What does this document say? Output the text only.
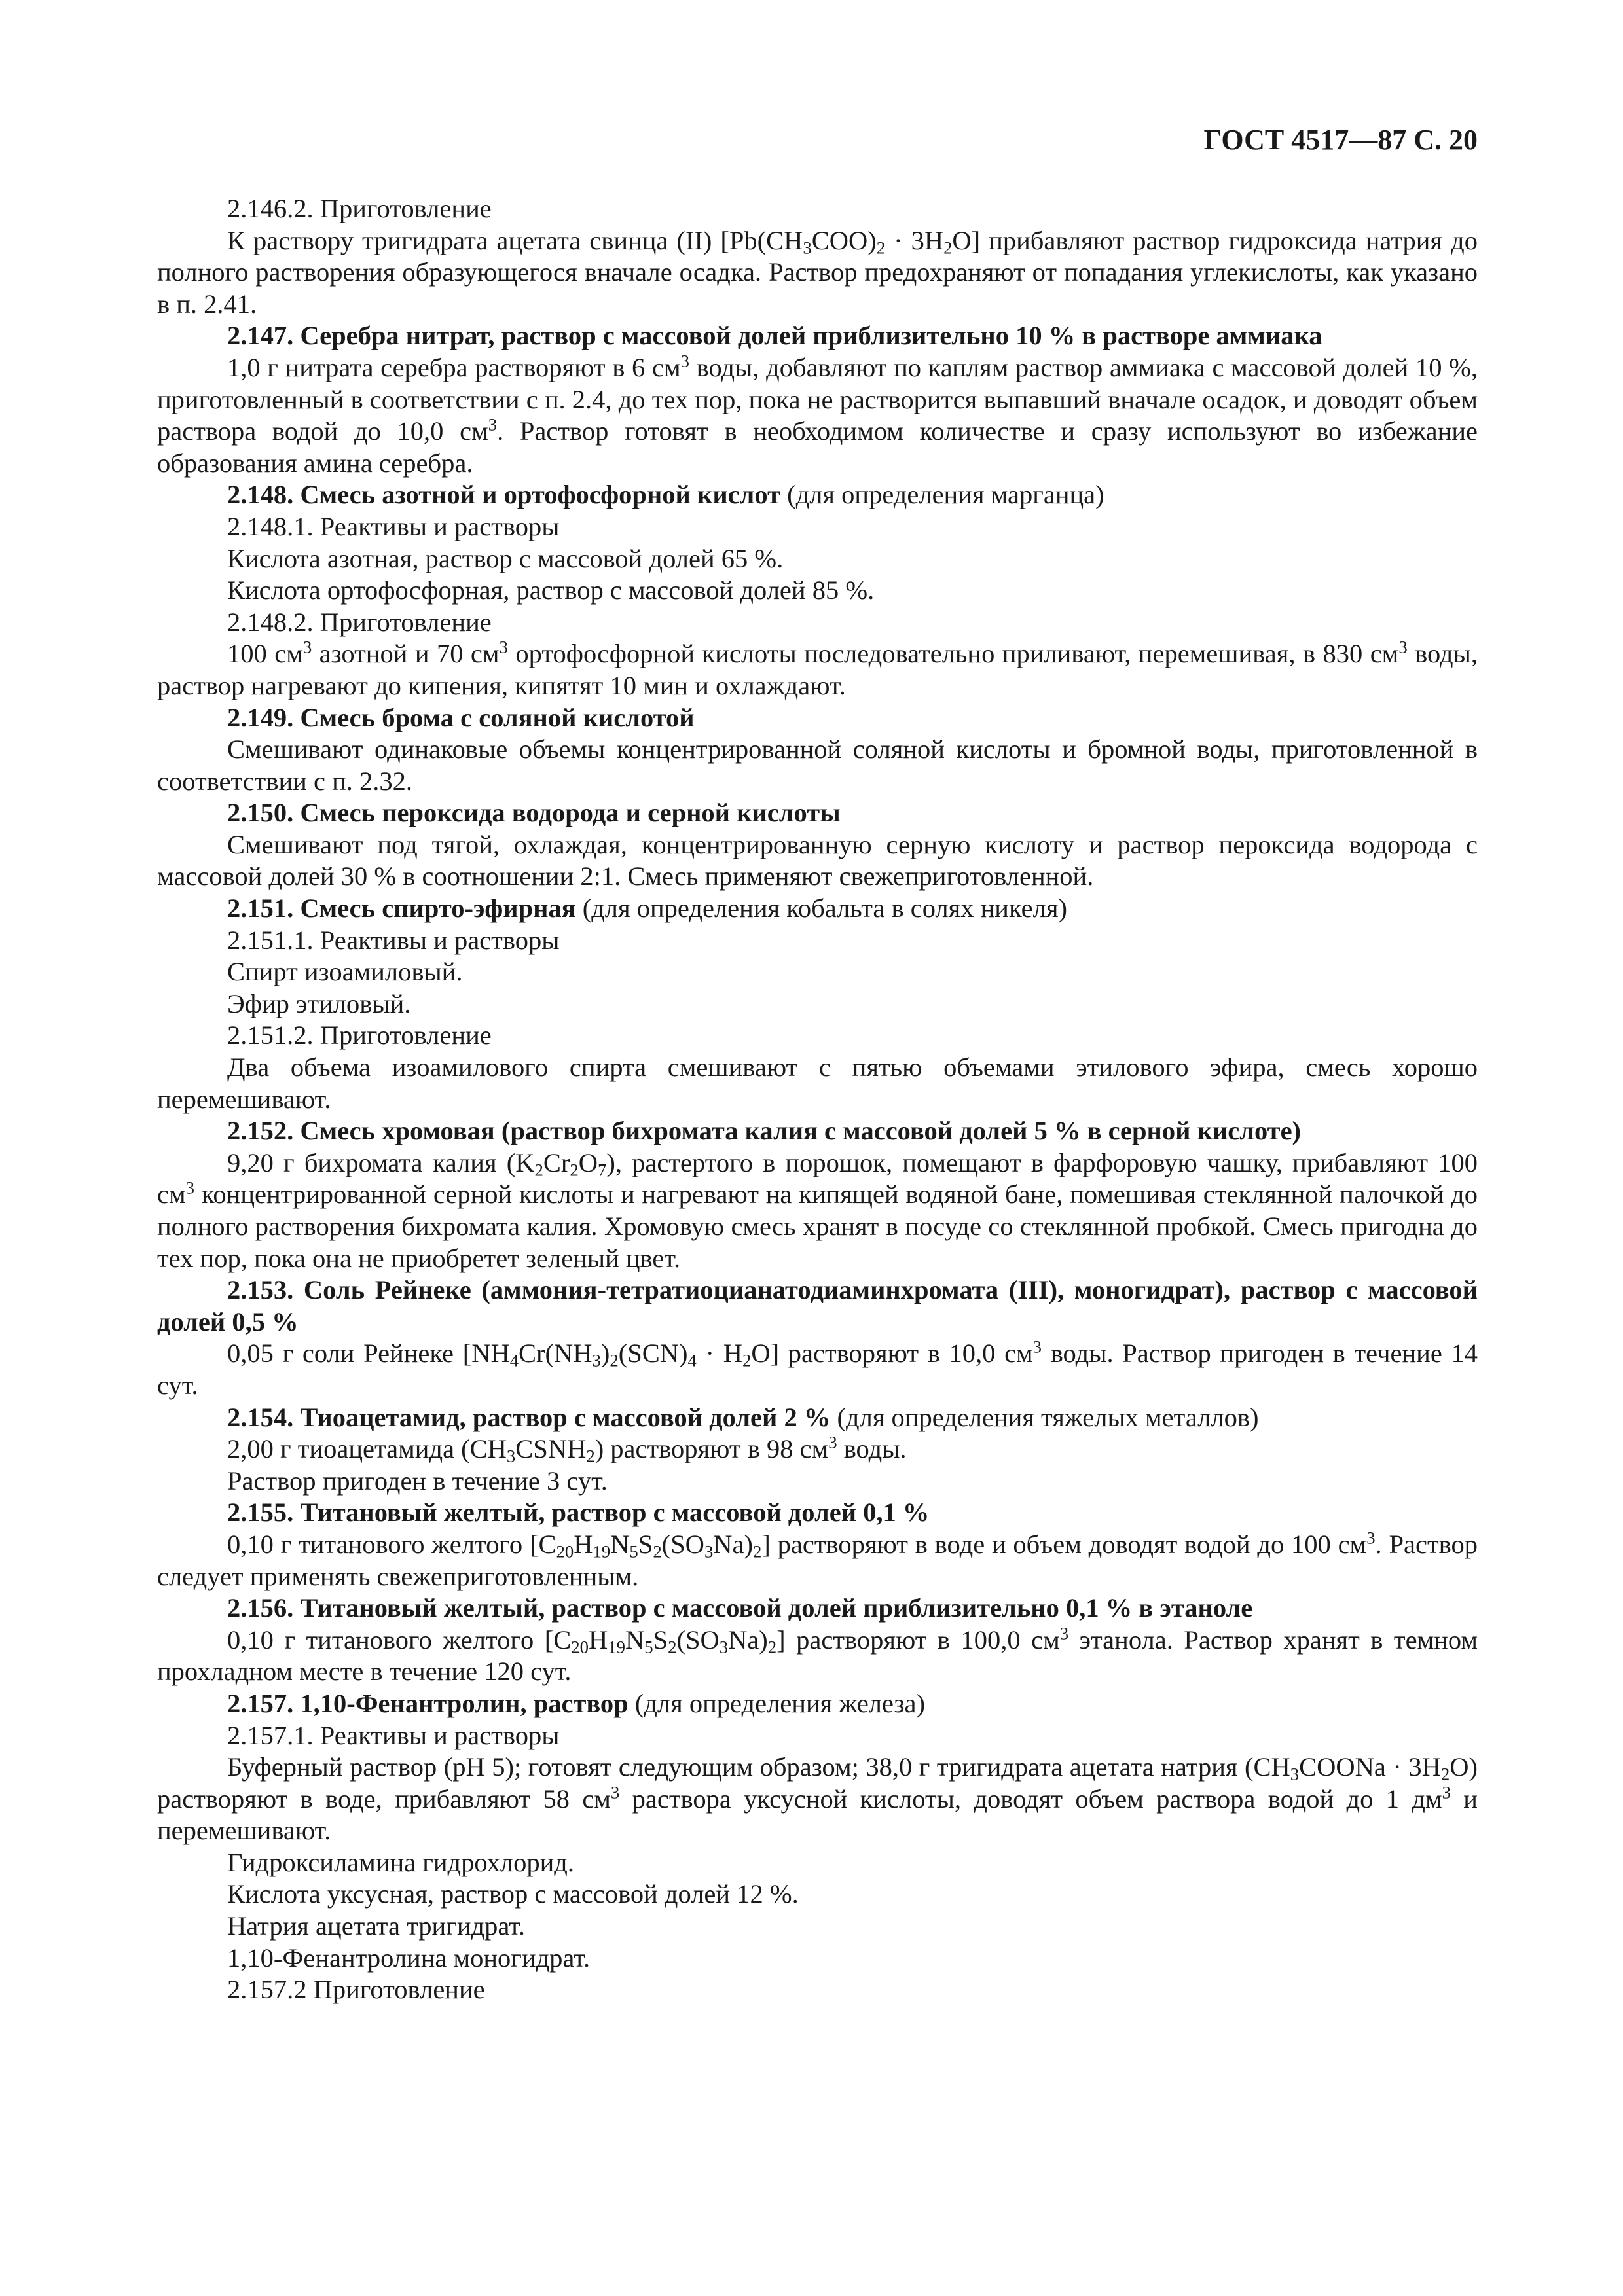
ГОСТ 4517—87 С. 20

2.146.2. Приготовление

К раствору тригидрата ацетата свинца (II) $[Pb(CH_3COO)_2 \cdot 3H_2O]$ прибавляют раствор гидроксида натрия до полного растворения образующегося вначале осадка. Раствор предохраняют от попадания углекислоты, как указано в п. 2.41.

2.147. Серебра нитрат, раствор с массовой долей приблизительно 10 % в растворе аммиака

1,0 г нитрата серебра растворяют в 6 $см^3$ воды, добавляют по каплям раствор аммиака с массовой долей 10 %, приготовленный в соответствии с п. 2.4, до тех пор, пока не растворится выпавший вначале осадок, и доводят объем раствора водой до 10,0 $см^3$. Раствор готовят в необходимом количестве и сразу используют во избежание образования амина серебра.

2.148. Смесь азотной и ортофосфорной кислот (для определения марганца)

2.148.1. Реактивы и растворы

Кислота азотная, раствор с массовой долей 65 %.

Кислота ортофосфорная, раствор с массовой долей 85 %.

2.148.2. Приготовление

100 $см^3$ азотной и 70 $см^3$ ортофосфорной кислоты последовательно приливают, перемешивая, в 830 $см^3$ воды, раствор нагревают до кипения, кипятят 10 мин и охлаждают.

2.149. Смесь брома с соляной кислотой

Смешивают одинаковые объемы концентрированной соляной кислоты и бромной воды, приготовленной в соответствии с п. 2.32.

2.150. Смесь пероксида водорода и серной кислоты

Смешивают под тягой, охлаждая, концентрированную серную кислоту и раствор пероксида водорода с массовой долей 30 % в соотношении 2:1. Смесь применяют свежеприготовленной.

2.151. Смесь спирто-эфирная (для определения кобальта в солях никеля)

2.151.1. Реактивы и растворы

Спирт изоамиловый.

Эфир этиловый.

2.151.2. Приготовление

Два объема изоамилового спирта смешивают с пятью объемами этилового эфира, смесь хорошо перемешивают.

2.152. Смесь хромовая (раствор бихромата калия с массовой долей 5 % в серной кислоте)

9,20 г бихромата калия $(K_2Cr_2O_7)$, растертого в порошок, помещают в фарфоровую чашку, прибавляют 100 $см^3$ концентрированной серной кислоты и нагревают на кипящей водяной бане, помешивая стеклянной палочкой до полного растворения бихромата калия. Хромовую смесь хранят в посуде со стеклянной пробкой. Смесь пригодна до тех пор, пока она не приобретет зеленый цвет.

2.153. Соль Рейнеке (аммония-тетратиоцианатодиаминхромата (III), моногидрат), раствор с массовой долей 0,5 %

0,05 г соли Рейнеке $[NH_4Cr(NH_3)_2(SCN)_4 \cdot H_2O]$ растворяют в 10,0 $см^3$ воды. Раствор пригоден в течение 14 сут.

2.154. Тиоацетамид, раствор с массовой долей 2 % (для определения тяжелых металлов)

2,00 г тиоацетамида $(CH_3CSNH_2)$ растворяют в 98 $см^3$ воды.

Раствор пригоден в течение 3 сут.

2.155. Титановый желтый, раствор с массовой долей 0,1 %

0,10 г титанового желтого $[C_{20}H_{19}N_5S_2(SO_3Na)_2]$ растворяют в воде и объем доводят водой до 100 $см^3$. Раствор следует применять свежеприготовленным.

2.156. Титановый желтый, раствор с массовой долей приблизительно 0,1 % в этаноле

0,10 г титанового желтого $[C_{20}H_{19}N_5S_2(SO_3Na)_2]$ растворяют в 100,0 $см^3$ этанола. Раствор хранят в темном прохладном месте в течение 120 сут.

2.157. 1,10-Фенантролин, раствор (для определения железа)

2.157.1. Реактивы и растворы

Буферный раствор (pH 5); готовят следующим образом; 38,0 г тригидрата ацетата натрия $(CH_3COONa \cdot 3H_2O)$ растворяют в воде, прибавляют 58 $см^3$ раствора уксусной кислоты, доводят объем раствора водой до 1 $дм^3$ и перемешивают.

Гидроксиламина гидрохлорид.

Кислота уксусная, раствор с массовой долей 12 %.

Натрия ацетата тригидрат.

1,10-Фенантролина моногидрат.

2.157.2 Приготовление
